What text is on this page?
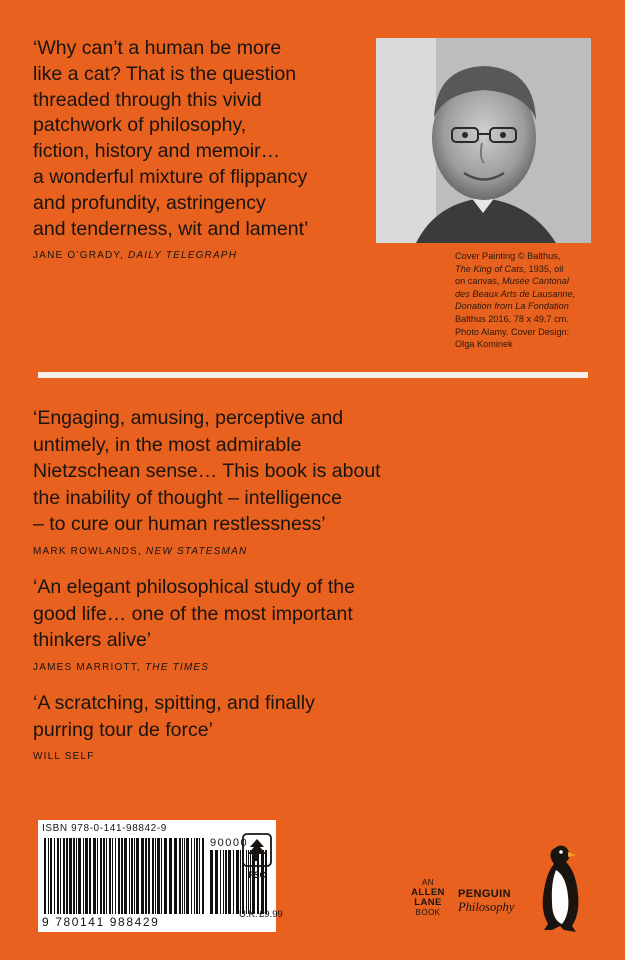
‘Why can’t a human be more
like a cat? That is the question
threaded through this vivid
patchwork of philosophy,
fiction, history and memoir…
a wonderful mixture of flippancy
and profundity, astringency
and tenderness, wit and lament’
JANE O’GRADY, DAILY TELEGRAPH	Cover Painting © Balthus,
The King of Cats, 1935, oil
on canvas, Musée Cantonal
des Beaux Arts de Lausanne,
Donation from La Fondation
Balthus 2016, 78 x 49.7 cm.
Photo Alamy. Cover Design:
Olga Kominek

‘Engaging, amusing, perceptive and

untimely, in the most admirable

Nietzschean sense… This book is about

the inability of thought – intelligence

– to cure our human restlessness’

MARK ROWLANDS, NEW STATESMAN

‘An elegant philosophical study of the

good life… one of the most important

thinkers alive’

JAMES MARRIOTT, THE TIMES

‘A scratching, spitting, and finally

purring tour de force’

WILL SELF
ISBN 978-0-141-98842-9
90000
9 780141 988429
FSC
U.K. £9.99
AN
ALLEN
LANE
BOOK
PENGUIN
Philosophy
